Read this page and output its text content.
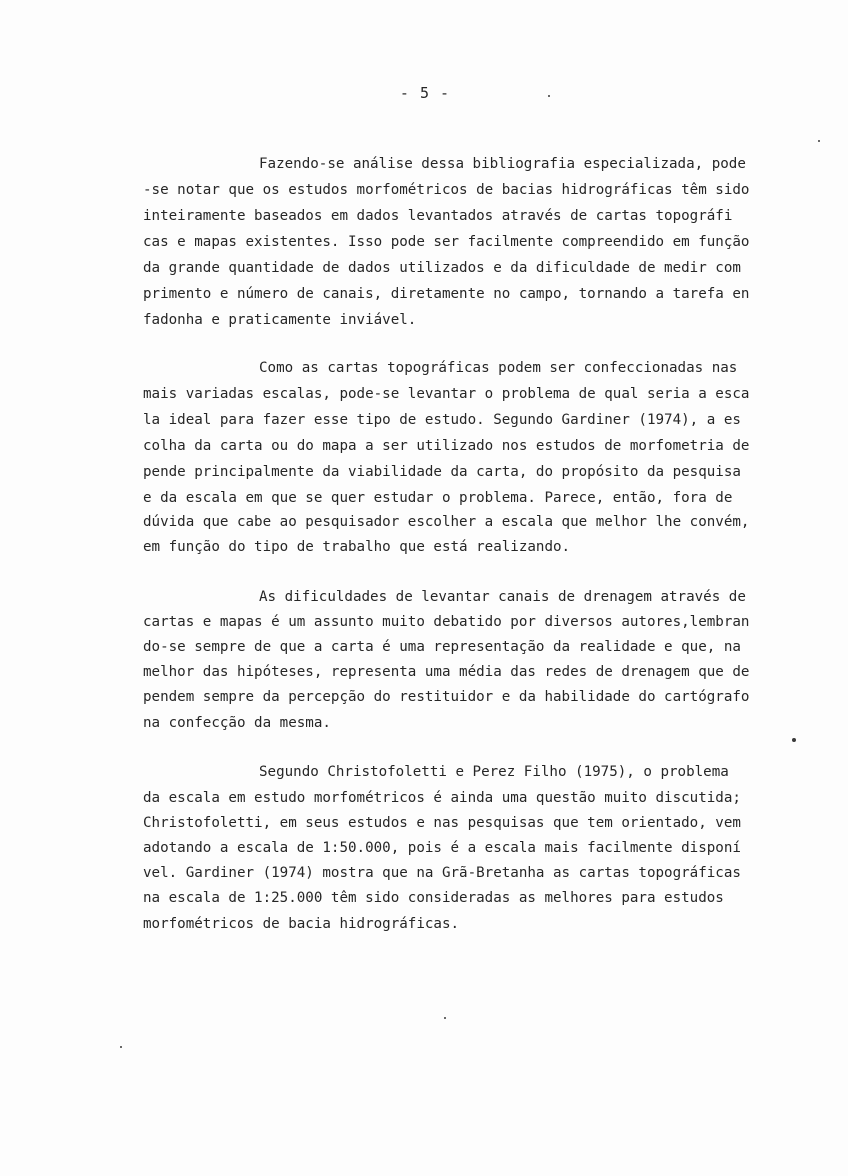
- 5 -
Fazendo-se análise dessa bibliografia especializada, pode
-se notar que os estudos morfométricos de bacias hidrográficas têm sido
inteiramente baseados em dados levantados através de cartas topográfi
cas e mapas existentes. Isso pode ser facilmente compreendido em função
da grande quantidade de dados utilizados e da dificuldade de medir com
primento e número de canais, diretamente no campo, tornando a tarefa en
fadonha e praticamente inviável.
Como as cartas topográficas podem ser confeccionadas nas
mais variadas escalas, pode-se levantar o problema de qual seria a esca
la ideal para fazer esse tipo de estudo. Segundo Gardiner (1974), a es
colha da carta ou do mapa a ser utilizado nos estudos de morfometria de
pende principalmente da viabilidade da carta, do propósito da pesquisa
e da escala em que se quer estudar o problema. Parece, então, fora de
dúvida que cabe ao pesquisador escolher a escala que melhor lhe convém,
em função do tipo de trabalho que está realizando.
As dificuldades de levantar canais de drenagem através de
cartas e mapas é um assunto muito debatido por diversos autores,lembran
do-se sempre de que a carta é uma representação da realidade e que, na
melhor das hipóteses, representa uma média das redes de drenagem que de
pendem sempre da percepção do restituidor e da habilidade do cartógrafo
na confecção da mesma.
Segundo Christofoletti e Perez Filho (1975), o problema
da escala em estudo morfométricos é ainda uma questão muito discutida;
Christofoletti, em seus estudos e nas pesquisas que tem orientado, vem
adotando a escala de 1:50.000, pois é a escala mais facilmente disponí
vel. Gardiner (1974) mostra que na Grã-Bretanha as cartas topográficas
na escala de 1:25.000 têm sido consideradas as melhores para estudos
morfométricos de bacia hidrográficas.
